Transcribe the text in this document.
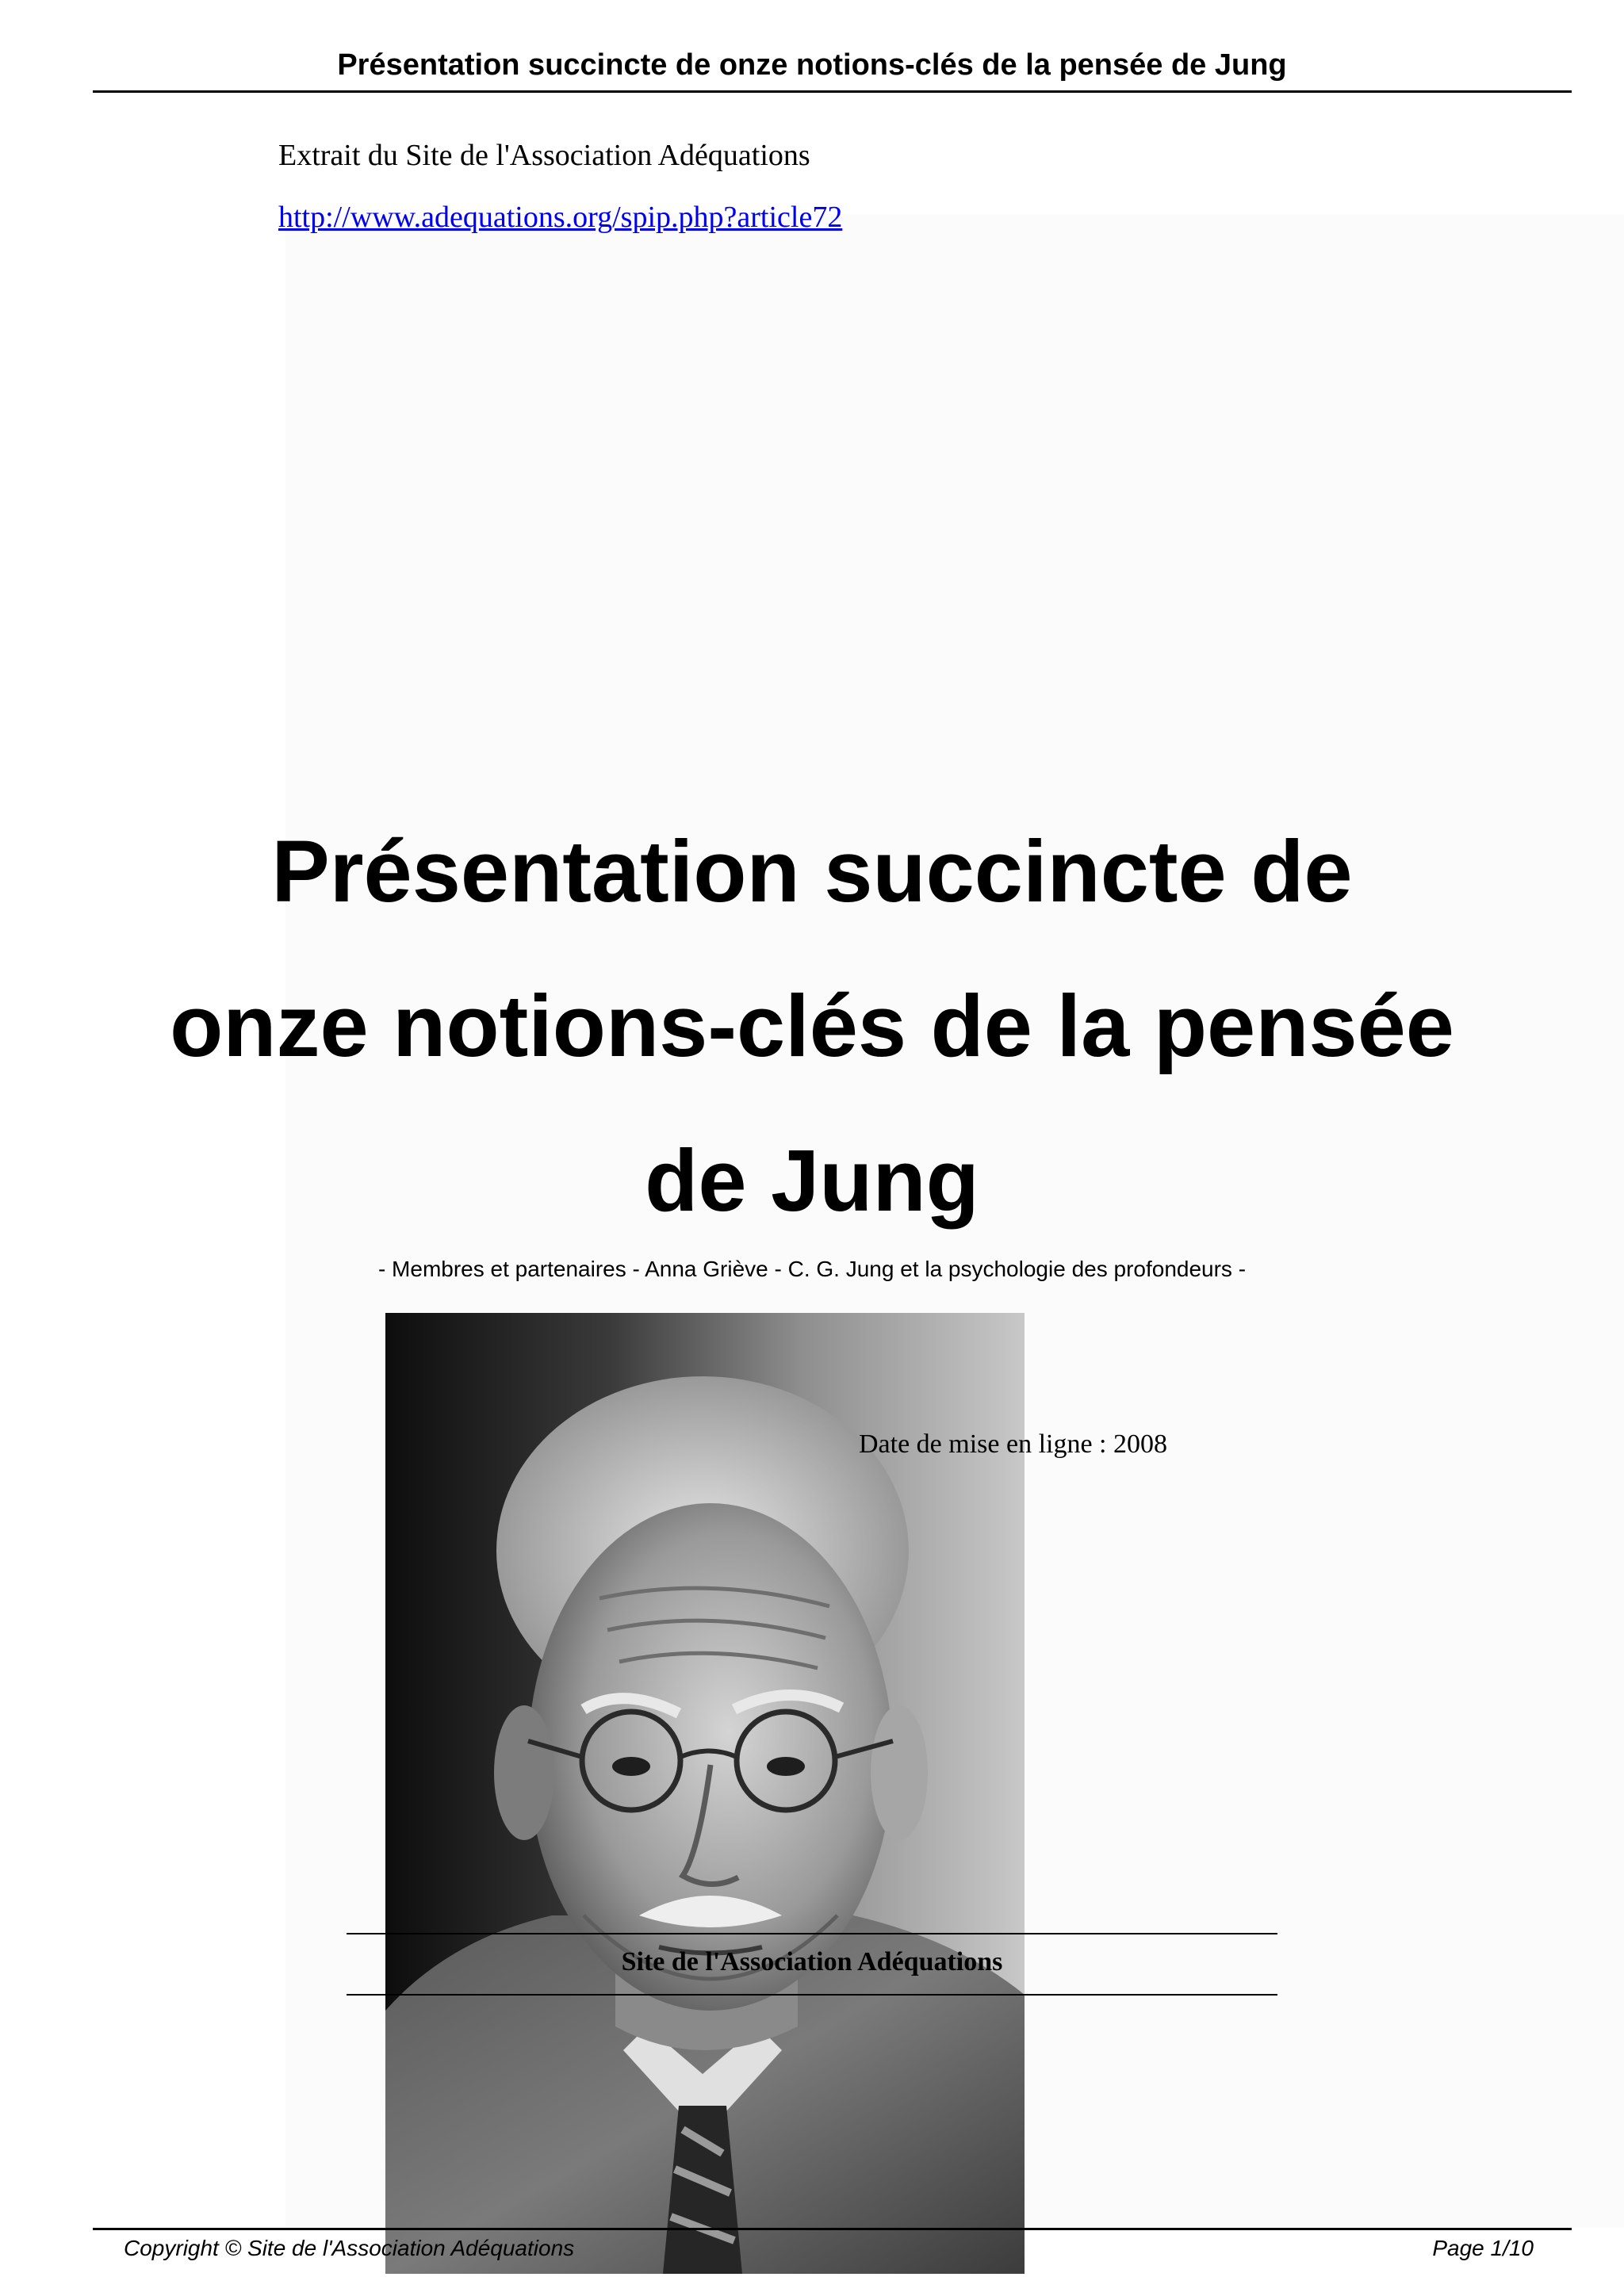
Présentation succincte de onze notions-clés de la pensée de Jung
Extrait du Site de l'Association Adéquations
http://www.adequations.org/spip.php?article72
Présentation succincte de
onze notions-clés de la pensée
de Jung
- Membres et partenaires - Anna Griève - C. G. Jung et la psychologie des profondeurs -
Date de mise en ligne : 2008
Site de l'Association Adéquations
Copyright © Site de l'Association Adéquations	Page 1/10
